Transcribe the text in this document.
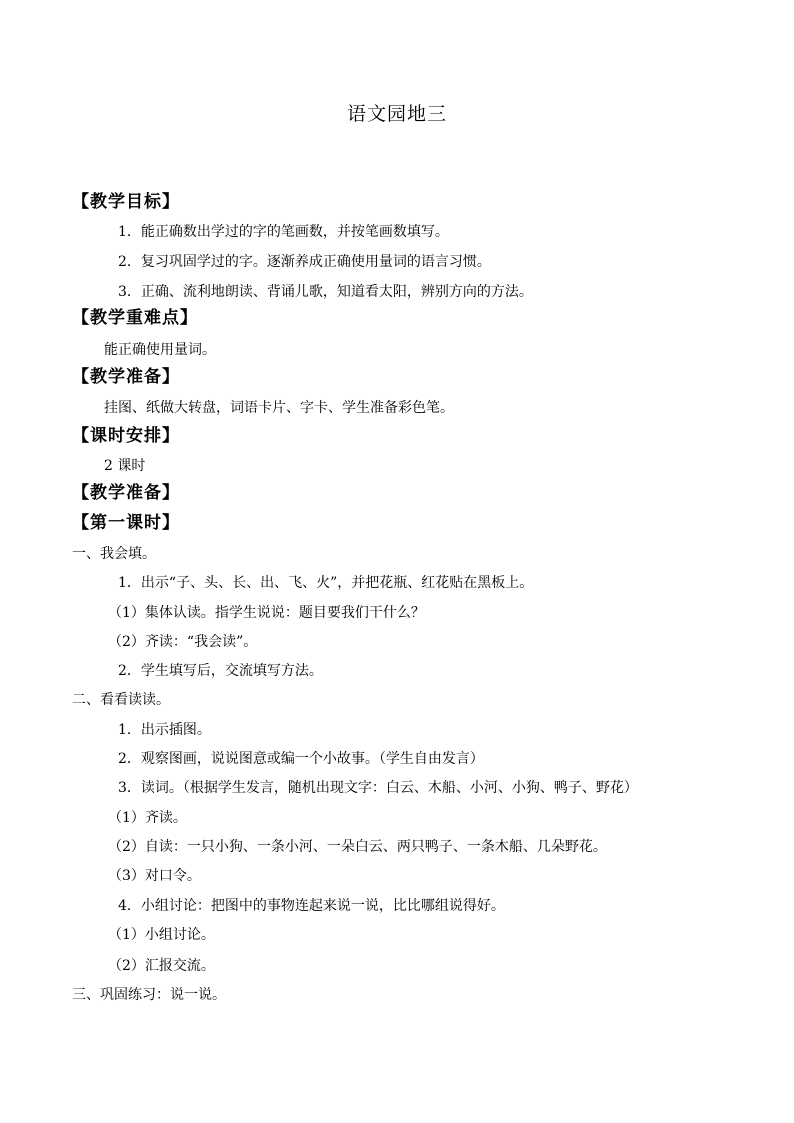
语文园地三
【教学目标】
1．能正确数出学过的字的笔画数，并按笔画数填写。
2．复习巩固学过的字。逐渐养成正确使用量词的语言习惯。
3．正确、流利地朗读、背诵儿歌，知道看太阳，辨别方向的方法。
【教学重难点】
能正确使用量词。
【教学准备】
挂图、纸做大转盘，词语卡片、字卡、学生准备彩色笔。
【课时安排】
2 课时
【教学准备】
【第一课时】
一、我会填。
1．出示“子、头、长、出、飞、火”，并把花瓶、红花贴在黑板上。
（1）集体认读。指学生说说：题目要我们干什么？
（2）齐读：“我会读”。
2．学生填写后，交流填写方法。
二、看看读读。
1．出示插图。
2．观察图画，说说图意或编一个小故事。（学生自由发言）
3．读词。（根据学生发言，随机出现文字：白云、木船、小河、小狗、鸭子、野花）
（1）齐读。
（2）自读：一只小狗、一条小河、一朵白云、两只鸭子、一条木船、几朵野花。
（3）对口令。
4．小组讨论：把图中的事物连起来说一说，比比哪组说得好。
（1）小组讨论。
（2）汇报交流。
三、巩固练习：说一说。
